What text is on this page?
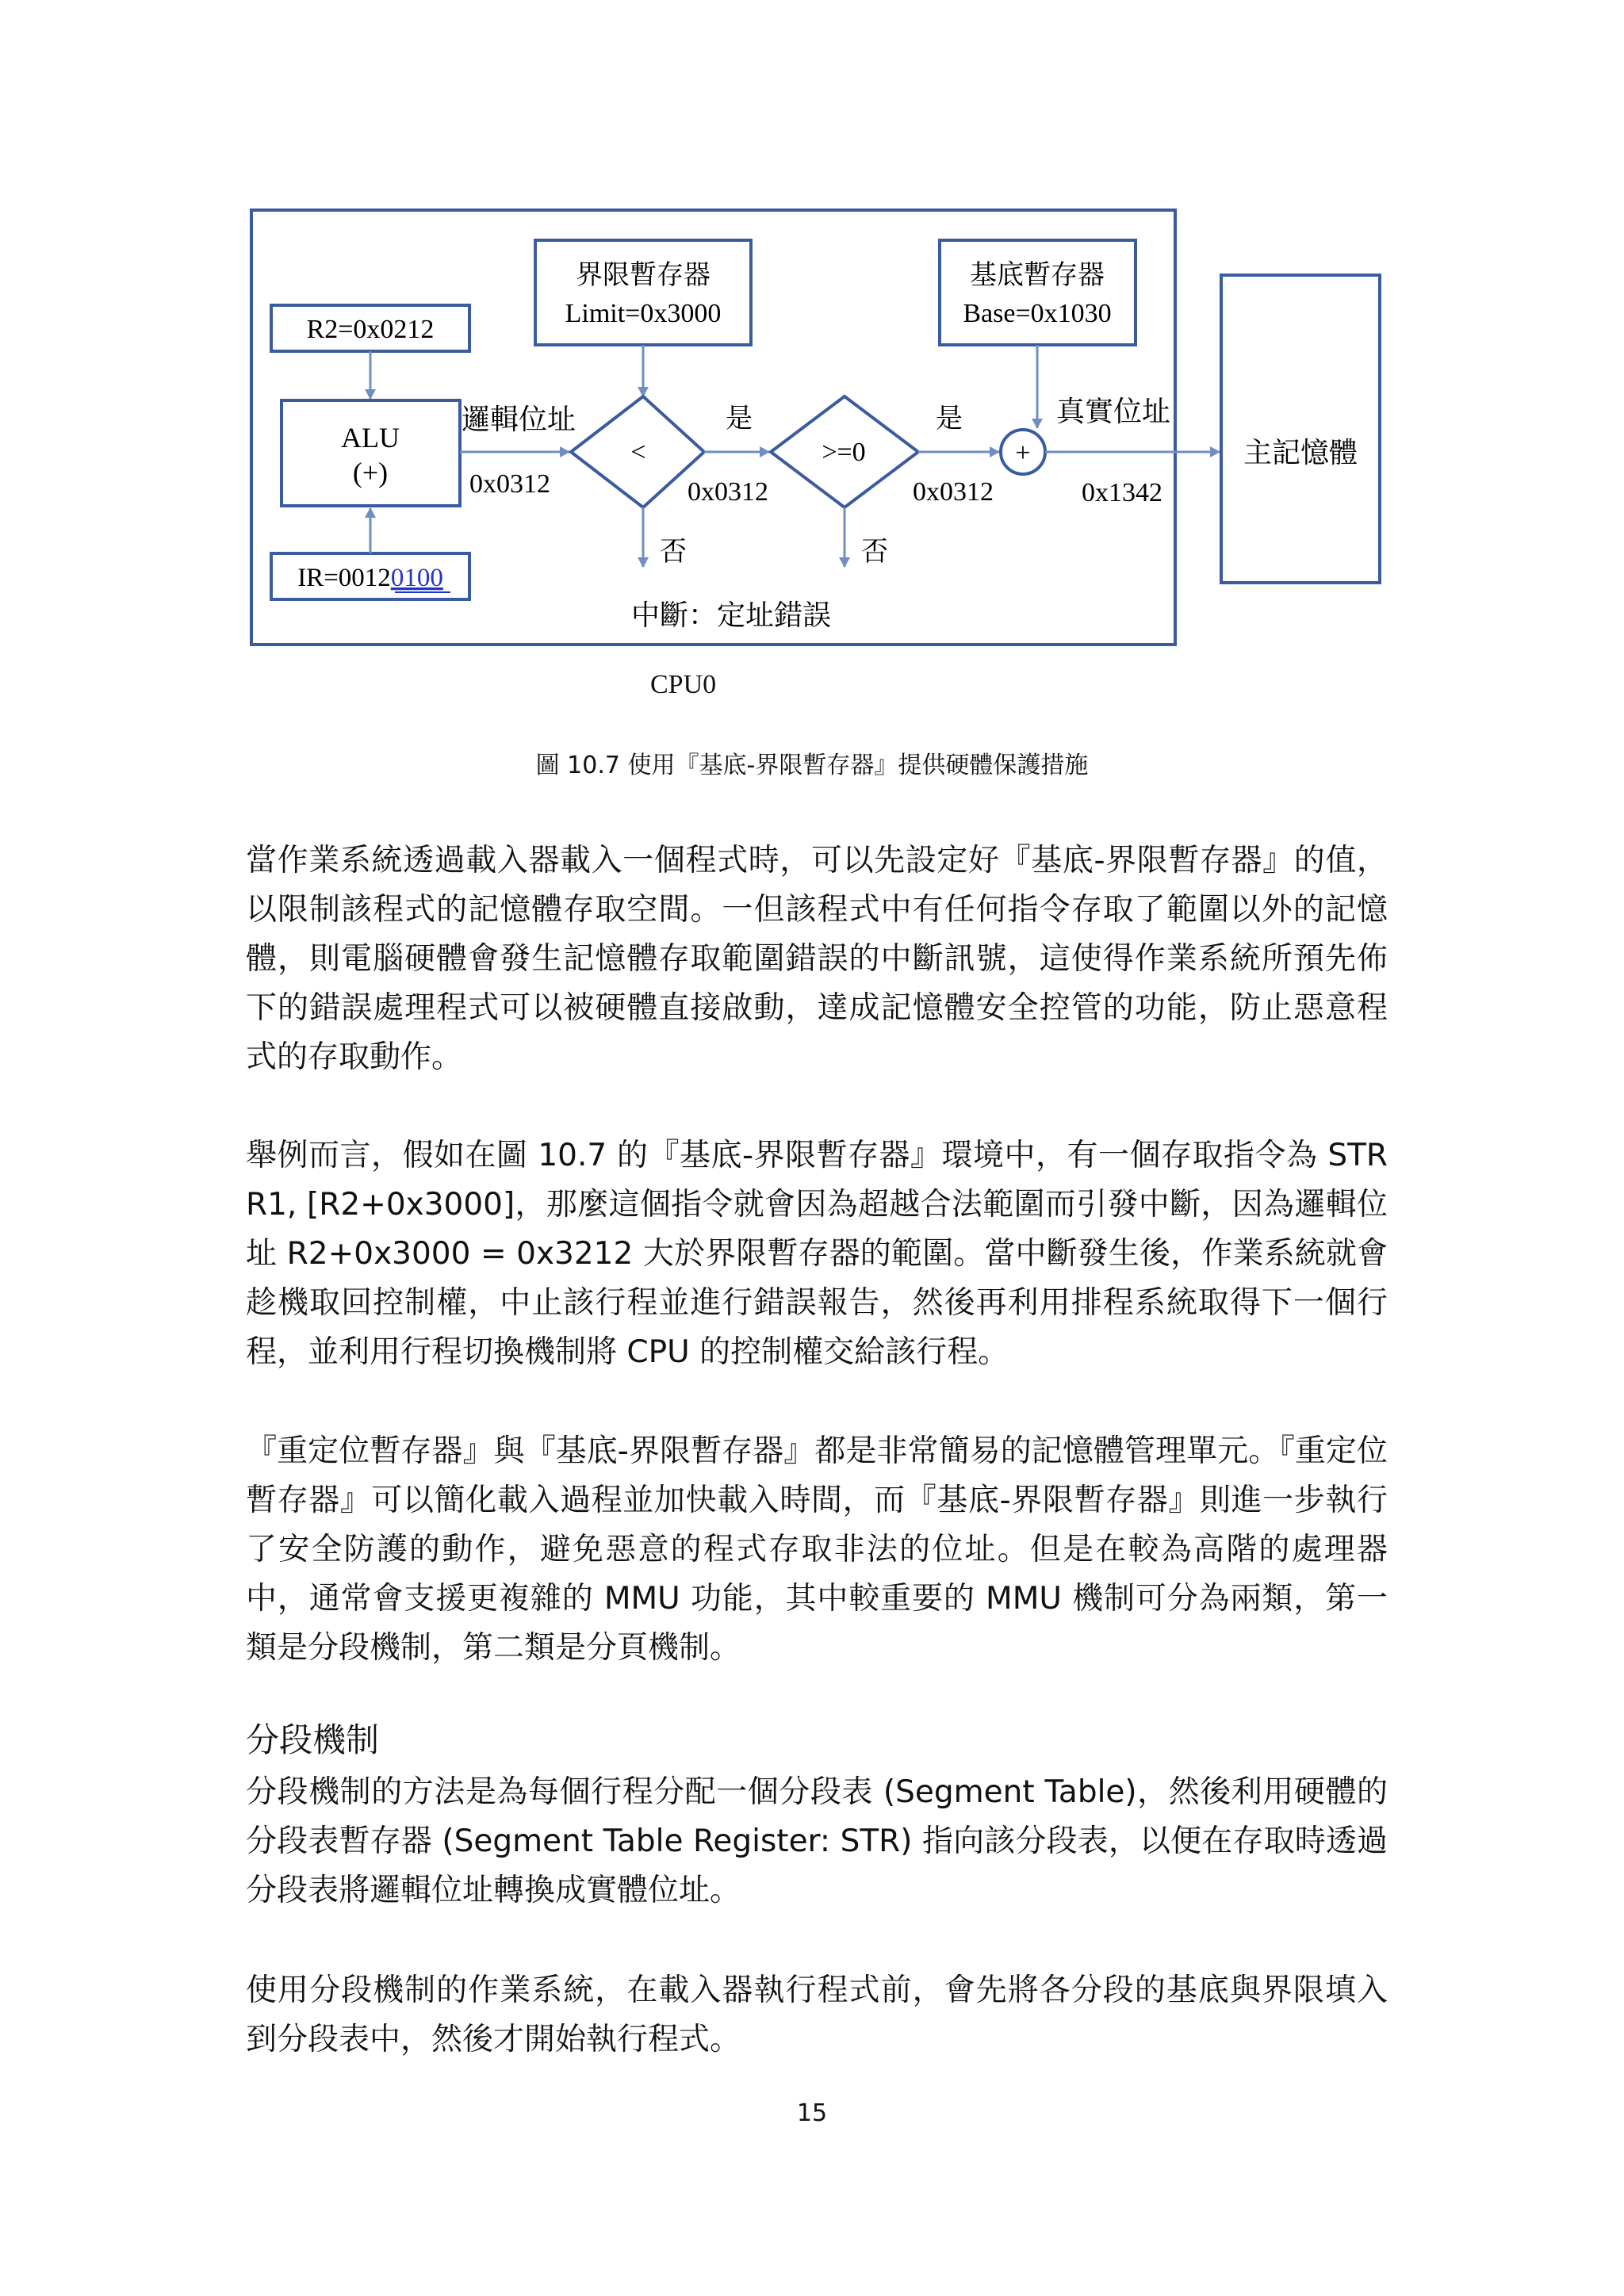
界限暫存器
Limit=0x3000
基底暫存器
Base=0x1030
R2=0x0212
ALU
(+)
IR=00120100
邏輯位址
0x0312
<
是
0x0312
>=0
是
0x0312
否	否
中斷：定址錯誤
+
真實位址
0x1342
主記憶體
CPU0
圖 10.7 使用『基底-界限暫存器』提供硬體保護措施
當作業系統透過載入器載入一個程式時，可以先設定好『基底-界限暫存器』的值，以限制該程式的記憶體存取空間。一但該程式中有任何指令存取了範圍以外的記憶體，則電腦硬體會發生記憶體存取範圍錯誤的中斷訊號，這使得作業系統所預先佈下的錯誤處理程式可以被硬體直接啟動，達成記憶體安全控管的功能，防止惡意程式的存取動作。
舉例而言，假如在圖 10.7 的『基底-界限暫存器』環境中，有一個存取指令為 STR R1, [R2+0x3000]，那麼這個指令就會因為超越合法範圍而引發中斷，因為邏輯位址 R2+0x3000 = 0x3212 大於界限暫存器的範圍。當中斷發生後，作業系統就會趁機取回控制權，中止該行程並進行錯誤報告，然後再利用排程系統取得下一個行程，並利用行程切換機制將 CPU 的控制權交給該行程。
『重定位暫存器』與『基底-界限暫存器』都是非常簡易的記憶體管理單元。『重定位暫存器』可以簡化載入過程並加快載入時間，而『基底-界限暫存器』則進一步執行了安全防護的動作，避免惡意的程式存取非法的位址。但是在較為高階的處理器中，通常會支援更複雜的 MMU 功能，其中較重要的 MMU 機制可分為兩類，第一類是分段機制，第二類是分頁機制。
分段機制
分段機制的方法是為每個行程分配一個分段表 (Segment Table)，然後利用硬體的分段表暫存器 (Segment Table Register: STR) 指向該分段表，以便在存取時透過分段表將邏輯位址轉換成實體位址。
使用分段機制的作業系統，在載入器執行程式前，會先將各分段的基底與界限填入到分段表中，然後才開始執行程式。
15
